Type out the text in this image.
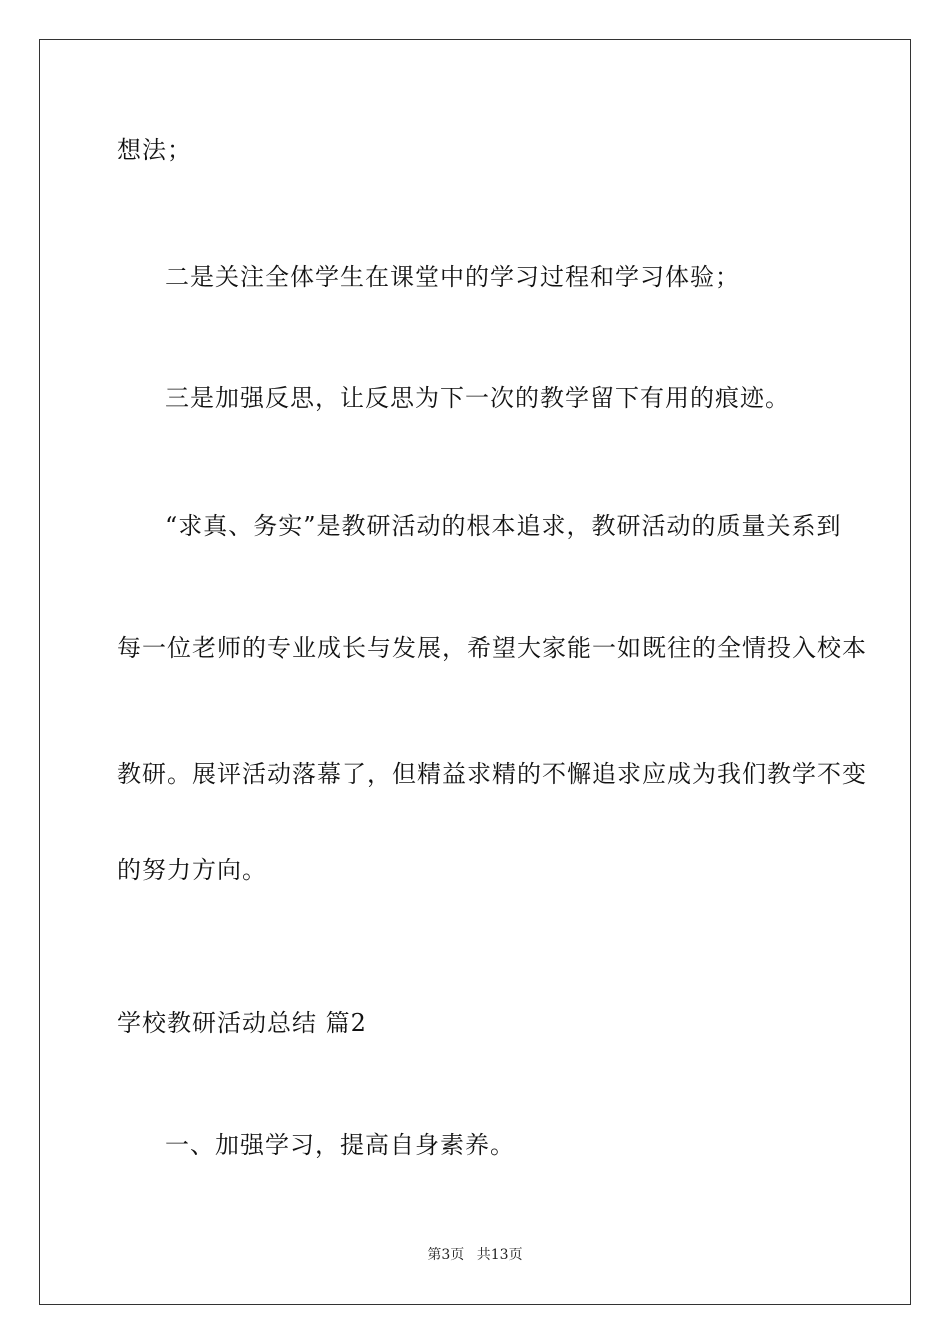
想法；
二是关注全体学生在课堂中的学习过程和学习体验；
三是加强反思，让反思为下一次的教学留下有用的痕迹。
“求真、务实”是教研活动的根本追求，教研活动的质量关系到
每一位老师的专业成长与发展，希望大家能一如既往的全情投入校本
教研。展评活动落幕了，但精益求精的不懈追求应成为我们教学不变
的努力方向。
学校教研活动总结 篇2
一、加强学习，提高自身素养。
第3页 共13页
